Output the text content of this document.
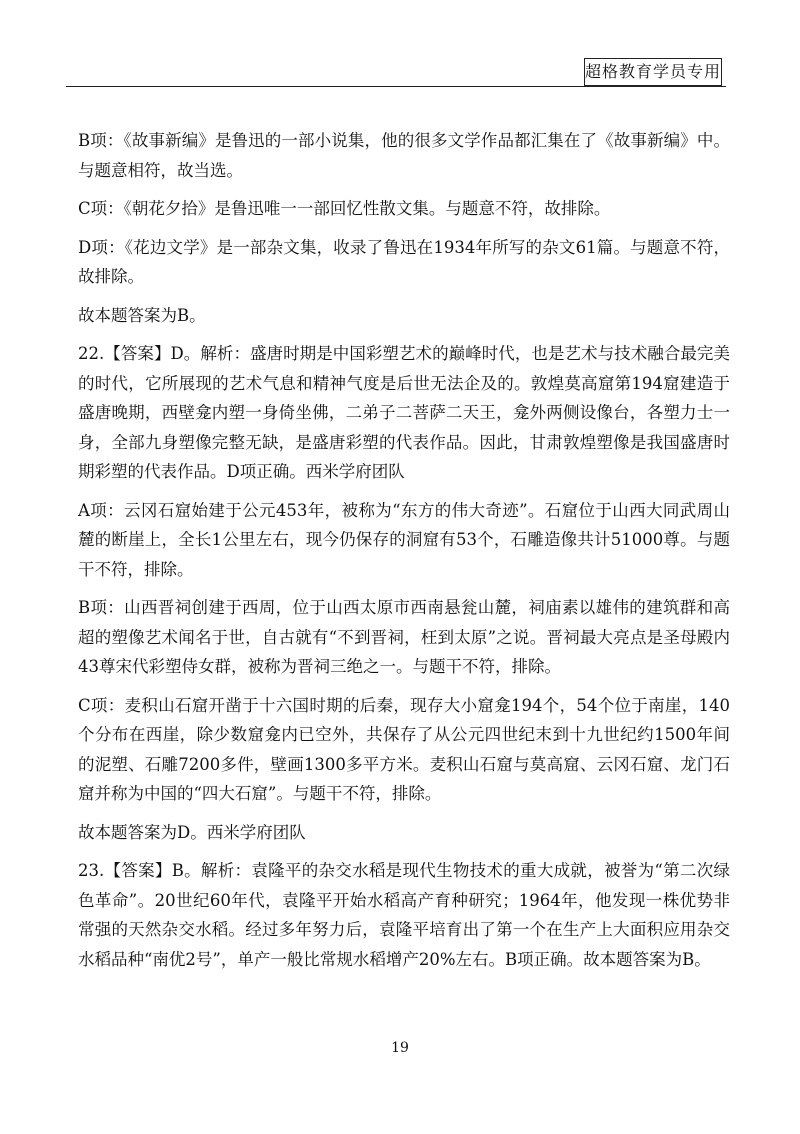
超格教育学员专用

B项：《故事新编》是鲁迅的一部小说集，他的很多文学作品都汇集在了《故事新编》中。与题意相符，故当选。

C项：《朝花夕拾》是鲁迅唯一一部回忆性散文集。与题意不符，故排除。

D项：《花边文学》是一部杂文集，收录了鲁迅在1934年所写的杂文61篇。与题意不符，故排除。

故本题答案为B。

22.【答案】D。解析：盛唐时期是中国彩塑艺术的巅峰时代，也是艺术与技术融合最完美的时代，它所展现的艺术气息和精神气度是后世无法企及的。敦煌莫高窟第194窟建造于盛唐晚期，西壁龛内塑一身倚坐佛，二弟子二菩萨二天王，龛外两侧设像台，各塑力士一身，全部九身塑像完整无缺，是盛唐彩塑的代表作品。因此，甘肃敦煌塑像是我国盛唐时期彩塑的代表作品。D项正确。西米学府团队

A项：云冈石窟始建于公元453年，被称为“东方的伟大奇迹”。石窟位于山西大同武周山麓的断崖上，全长1公里左右，现今仍保存的洞窟有53个，石雕造像共计51000尊。与题干不符，排除。

B项：山西晋祠创建于西周，位于山西太原市西南悬瓮山麓，祠庙素以雄伟的建筑群和高超的塑像艺术闻名于世，自古就有“不到晋祠，枉到太原”之说。晋祠最大亮点是圣母殿内43尊宋代彩塑侍女群，被称为晋祠三绝之一。与题干不符，排除。

C项：麦积山石窟开凿于十六国时期的后秦，现存大小窟龛194个，54个位于南崖，140个分布在西崖，除少数窟龛内已空外，共保存了从公元四世纪末到十九世纪约1500年间的泥塑、石雕7200多件，壁画1300多平方米。麦积山石窟与莫高窟、云冈石窟、龙门石窟并称为中国的“四大石窟”。与题干不符，排除。

故本题答案为D。西米学府团队

23.【答案】B。解析：袁隆平的杂交水稻是现代生物技术的重大成就，被誉为“第二次绿色革命”。20世纪60年代，袁隆平开始水稻高产育种研究；1964年，他发现一株优势非常强的天然杂交水稻。经过多年努力后，袁隆平培育出了第一个在生产上大面积应用杂交水稻品种“南优2号”，单产一般比常规水稻增产20%左右。B项正确。故本题答案为B。

19
